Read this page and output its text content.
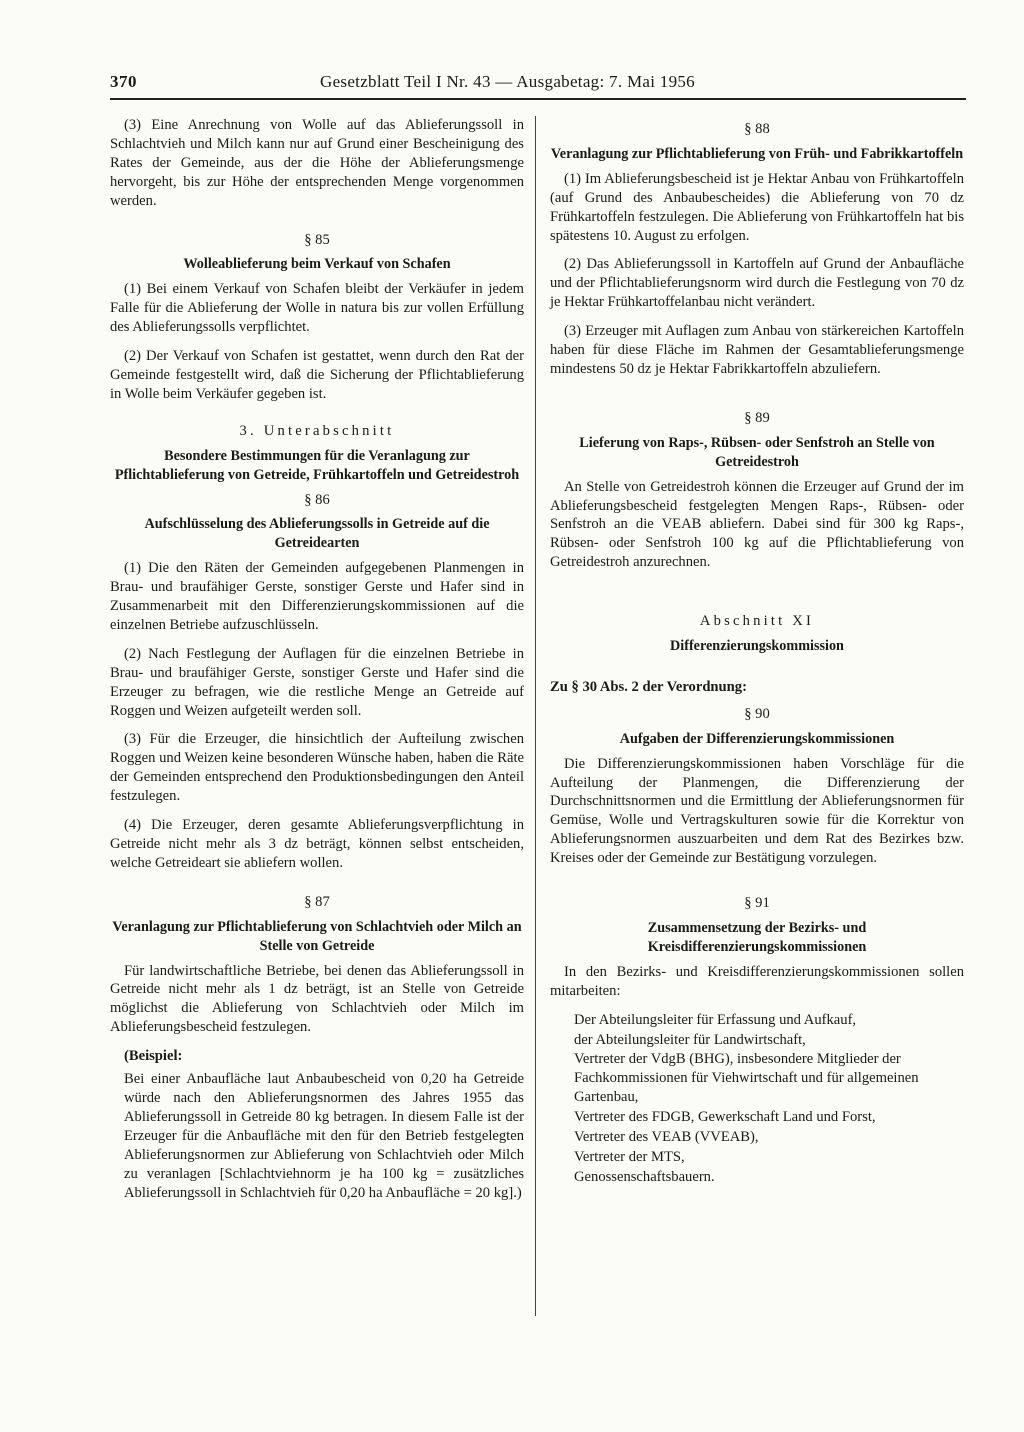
370	Gesetzblatt Teil I Nr. 43 — Ausgabetag: 7. Mai 1956

(3) Eine Anrechnung von Wolle auf das Ablieferungssoll in Schlachtvieh und Milch kann nur auf Grund einer Bescheinigung des Rates der Gemeinde, aus der die Höhe der Ablieferungsmenge hervorgeht, bis zur Höhe der entsprechenden Menge vorgenommen werden.

§ 85
Wolleablieferung beim Verkauf von Schafen

(1) Bei einem Verkauf von Schafen bleibt der Verkäufer in jedem Falle für die Ablieferung der Wolle in natura bis zur vollen Erfüllung des Ablieferungssolls verpflichtet.

(2) Der Verkauf von Schafen ist gestattet, wenn durch den Rat der Gemeinde festgestellt wird, daß die Sicherung der Pflichtablieferung in Wolle beim Verkäufer gegeben ist.

3. Unterabschnitt
Besondere Bestimmungen für die Veranlagung zur Pflichtablieferung von Getreide, Frühkartoffeln und Getreidestroh
§ 86
Aufschlüsselung des Ablieferungssolls in Getreide auf die Getreidearten

(1) Die den Räten der Gemeinden aufgegebenen Planmengen in Brau- und braufähiger Gerste, sonstiger Gerste und Hafer sind in Zusammenarbeit mit den Differenzierungskommissionen auf die einzelnen Betriebe aufzuschlüsseln.

(2) Nach Festlegung der Auflagen für die einzelnen Betriebe in Brau- und braufähiger Gerste, sonstiger Gerste und Hafer sind die Erzeuger zu befragen, wie die restliche Menge an Getreide auf Roggen und Weizen aufgeteilt werden soll.

(3) Für die Erzeuger, die hinsichtlich der Aufteilung zwischen Roggen und Weizen keine besonderen Wünsche haben, haben die Räte der Gemeinden entsprechend den Produktionsbedingungen den Anteil festzulegen.

(4) Die Erzeuger, deren gesamte Ablieferungsverpflichtung in Getreide nicht mehr als 3 dz beträgt, können selbst entscheiden, welche Getreideart sie abliefern wollen.

§ 87
Veranlagung zur Pflichtablieferung von Schlachtvieh oder Milch an Stelle von Getreide

Für landwirtschaftliche Betriebe, bei denen das Ablieferungssoll in Getreide nicht mehr als 1 dz beträgt, ist an Stelle von Getreide möglichst die Ablieferung von Schlachtvieh oder Milch im Ablieferungsbescheid festzulegen.

(Beispiel:

Bei einer Anbaufläche laut Anbaubescheid von 0,20 ha Getreide würde nach den Ablieferungsnormen des Jahres 1955 das Ablieferungssoll in Getreide 80 kg betragen. In diesem Falle ist der Erzeuger für die Anbaufläche mit den für den Betrieb festgelegten Ablieferungsnormen zur Ablieferung von Schlachtvieh oder Milch zu veranlagen [Schlachtviehnorm je ha 100 kg = zusätzliches Ablieferungssoll in Schlachtvieh für 0,20 ha Anbaufläche = 20 kg].)

§ 88
Veranlagung zur Pflichtablieferung von Früh- und Fabrikkartoffeln

(1) Im Ablieferungsbescheid ist je Hektar Anbau von Frühkartoffeln (auf Grund des Anbaubescheides) die Ablieferung von 70 dz Frühkartoffeln festzulegen. Die Ablieferung von Frühkartoffeln hat bis spätestens 10. August zu erfolgen.

(2) Das Ablieferungssoll in Kartoffeln auf Grund der Anbaufläche und der Pflichtablieferungsnorm wird durch die Festlegung von 70 dz je Hektar Frühkartoffelanbau nicht verändert.

(3) Erzeuger mit Auflagen zum Anbau von stärkereichen Kartoffeln haben für diese Fläche im Rahmen der Gesamtablieferungsmenge mindestens 50 dz je Hektar Fabrikkartoffeln abzuliefern.

§ 89
Lieferung von Raps-, Rübsen- oder Senfstroh an Stelle von Getreidestroh

An Stelle von Getreidestroh können die Erzeuger auf Grund der im Ablieferungsbescheid festgelegten Mengen Raps-, Rübsen- oder Senfstroh an die VEAB abliefern. Dabei sind für 300 kg Raps-, Rübsen- oder Senfstroh 100 kg auf die Pflichtablieferung von Getreidestroh anzurechnen.

Abschnitt XI
Differenzierungskommission
Zu § 30 Abs. 2 der Verordnung:
§ 90
Aufgaben der Differenzierungskommissionen

Die Differenzierungskommissionen haben Vorschläge für die Aufteilung der Planmengen, die Differenzierung der Durchschnittsnormen und die Ermittlung der Ablieferungsnormen für Gemüse, Wolle und Vertragskulturen sowie für die Korrektur von Ablieferungsnormen auszuarbeiten und dem Rat des Bezirkes bzw. Kreises oder der Gemeinde zur Bestätigung vorzulegen.

§ 91
Zusammensetzung der Bezirks- und Kreisdifferenzierungskommissionen

In den Bezirks- und Kreisdifferenzierungskommissionen sollen mitarbeiten:

Der Abteilungsleiter für Erfassung und Aufkauf,
der Abteilungsleiter für Landwirtschaft,
Vertreter der VdgB (BHG), insbesondere Mitglieder der Fachkommissionen für Viehwirtschaft und für allgemeinen Gartenbau,
Vertreter des FDGB, Gewerkschaft Land und Forst,
Vertreter des VEAB (VVEAB),
Vertreter der MTS,
Genossenschaftsbauern.
